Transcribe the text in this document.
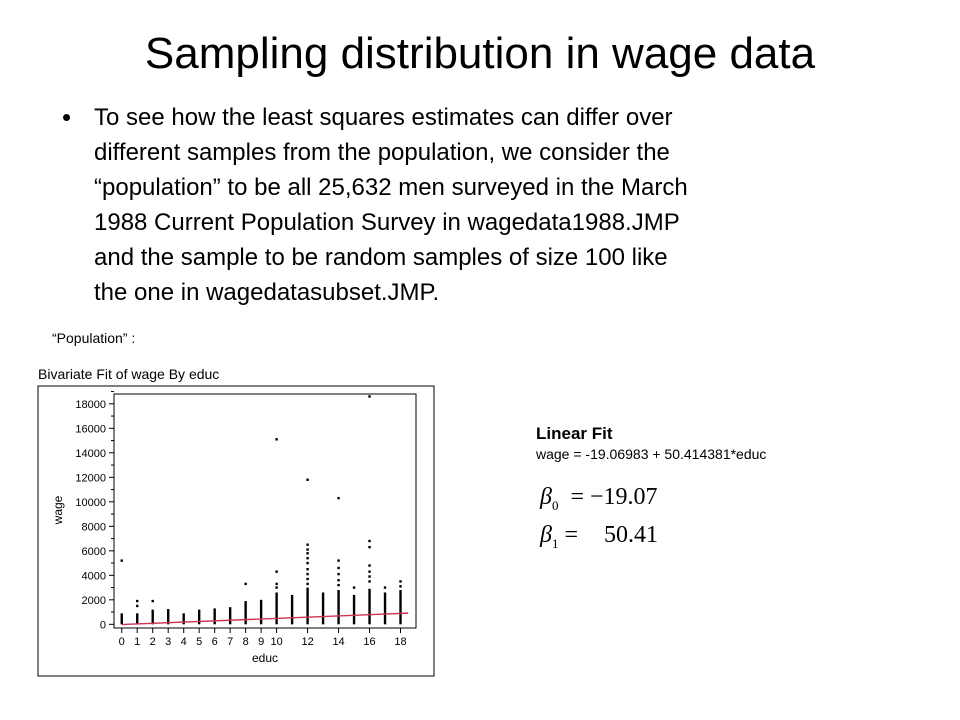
Sampling distribution in wage data
• To see how the least squares estimates can differ over
different samples from the population, we consider the
“population” to be all 25,632 men surveyed in the March
1988 Current Population Survey in wagedata1988.JMP
and the sample to be random samples of size 100 like
the one in wagedatasubset.JMP.
“Population” :
Bivariate Fit of wage By educ
0
2000
4000
6000
8000
10000
12000
14000
16000
18000
0 1 2 3 4 5 6 7 8 9 10 12 14 16 18
wage
educ
Linear Fit
wage = -19.06983 + 50.414381*educ
$\beta_0 = -19.07$
$\beta_1 = 50.41$
